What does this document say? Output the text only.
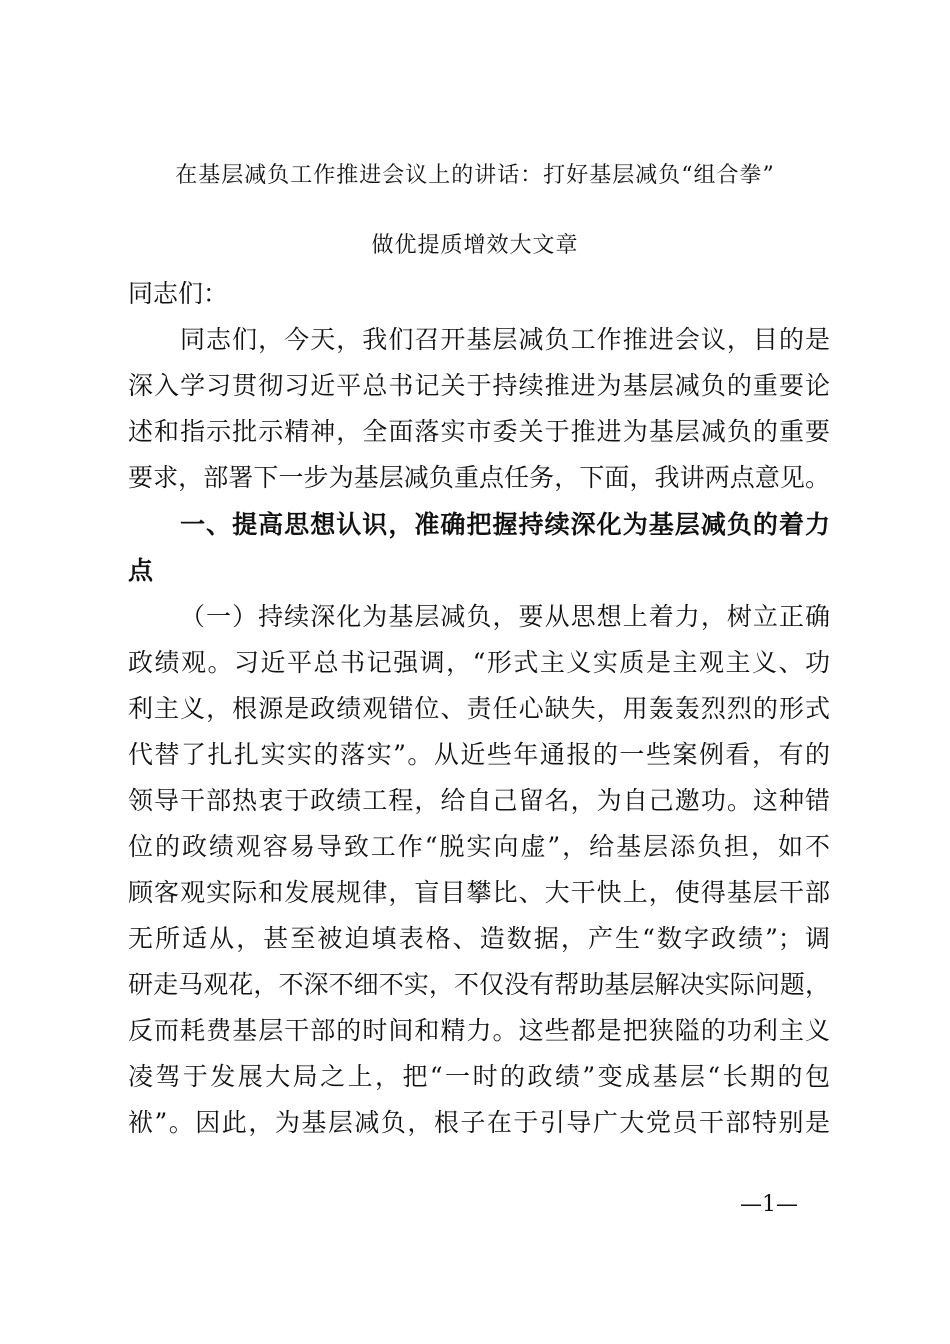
在基层减负工作推进会议上的讲话：打好基层减负“组合拳”
做优提质增效大文章
同志们：
同志们，今天，我们召开基层减负工作推进会议，目的是
深入学习贯彻习近平总书记关于持续推进为基层减负的重要论
述和指示批示精神，全面落实市委关于推进为基层减负的重要
要求，部署下一步为基层减负重点任务，下面，我讲两点意见。
一、提高思想认识，准确把握持续深化为基层减负的着力
点
（一）持续深化为基层减负，要从思想上着力，树立正确
政绩观。习近平总书记强调，“形式主义实质是主观主义、功
利主义，根源是政绩观错位、责任心缺失，用轰轰烈烈的形式
代替了扎扎实实的落实”。从近些年通报的一些案例看，有的
领导干部热衷于政绩工程，给自己留名，为自己邀功。这种错
位的政绩观容易导致工作“脱实向虚”，给基层添负担，如不
顾客观实际和发展规律，盲目攀比、大干快上，使得基层干部
无所适从，甚至被迫填表格、造数据，产生“数字政绩”；调
研走马观花，不深不细不实，不仅没有帮助基层解决实际问题，
反而耗费基层干部的时间和精力。这些都是把狭隘的功利主义
凌驾于发展大局之上，把“一时的政绩”变成基层“长期的包
袱”。因此，为基层减负，根子在于引导广大党员干部特别是
—1—
